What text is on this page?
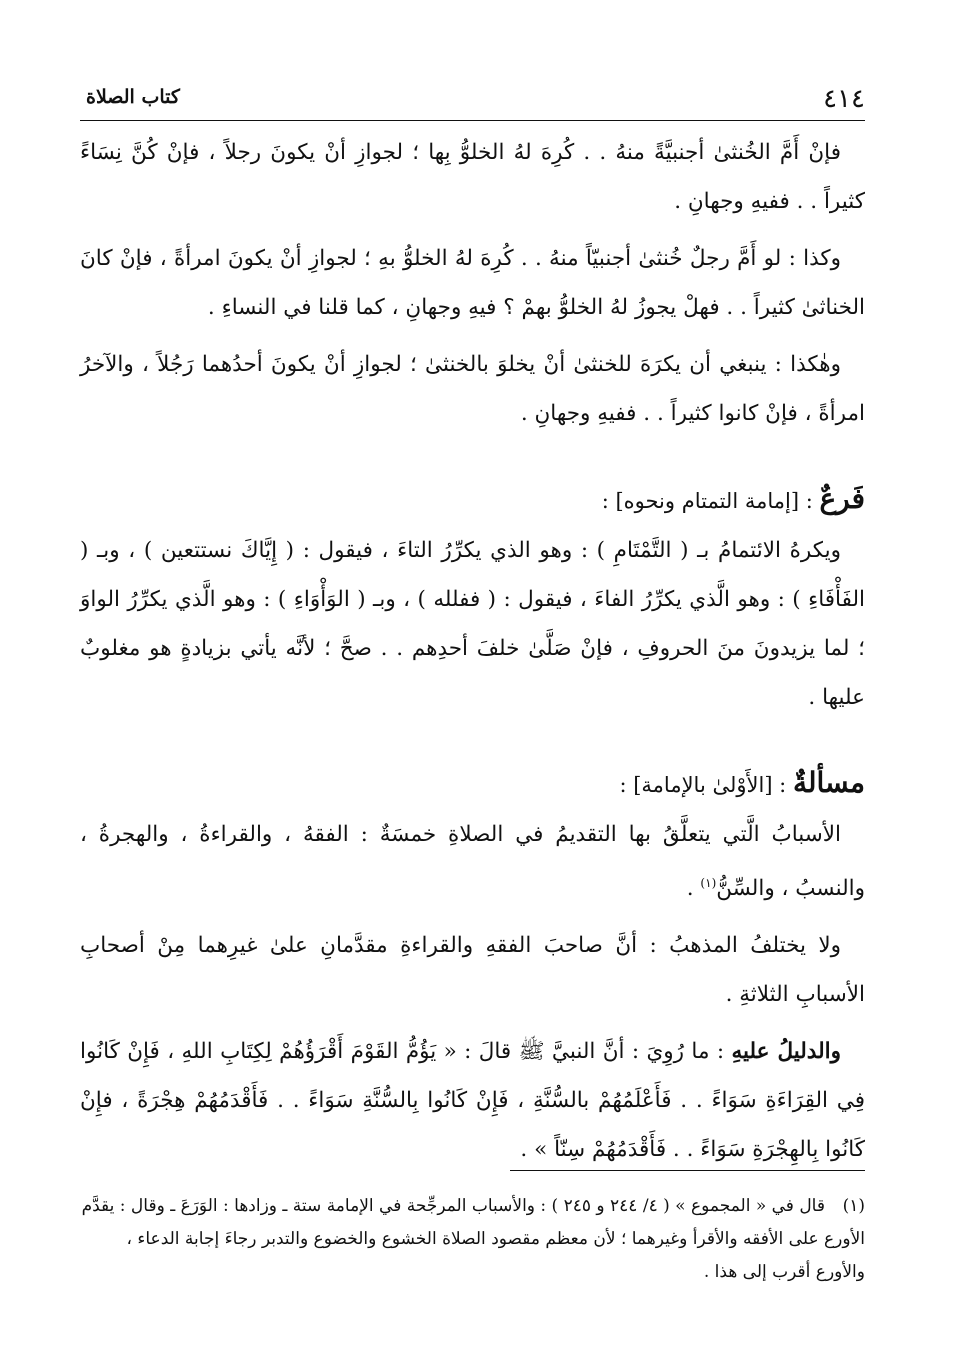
٤١٤
كتاب الصلاة

فإنْ أَمَّ الخُنثىٰ أجنبيَّةً منهُ . . كُرِهَ لهُ الخلوُّ بِها ؛ لجوازِ أنْ يكونَ رجلاً ، فإنْ كُنَّ نِسَاءً كثيراً . . ففيهِ وجهانِ .

وكذا : لو أَمَّ رجلٌ خُنثىٰ أجنبيّاً منهُ . . كُرِهَ لهُ الخلوُّ بهِ ؛ لجوازِ أنْ يكونَ امرأةً ، فإنْ كانَ الخناثىٰ كثيراً . . فهلْ يجوزُ لهُ الخلوُّ بهمْ ؟ فيهِ وجهانِ ، كما قلنا في النساءِ .

وهٰكذا : ينبغي أن يكرَهَ للخنثىٰ أنْ يخلوَ بالخنثىٰ ؛ لجوازِ أنْ يكونَ أحدُهما رَجُلاً ، والآخرُ امرأةً ، فإنْ كانوا كثيراً . . ففيهِ وجهانِ .

فَرعٌ : [إمامة التمتام ونحوه] :

ويكرهُ الائتمامُ بـ ( التَّمْتَامِ ) : وهو الذي يكرِّرُ التاءَ ، فيقول : ( إِيَّاكَ نستتعين ) ، وبـ ( الفَأْفَاءِ ) : وهو الَّذي يكرِّرُ الفاءَ ، فيقول : ( ففلله ) ، وبـ ( الوَأْوَاءِ ) : وهو الَّذي يكرِّرُ الواوَ ؛ لما يزيدونَ منَ الحروفِ ، فإنْ صَلَّىٰ خلفَ أحدِهم . . صحَّ ؛ لأنَّه يأتي بزيادةٍ هو مغلوبٌ عليها .

مسألةٌ : [الأَوْلىٰ بالإمامة] :

الأسبابُ الَّتي يتعلَّقُ بها التقديمُ في الصلاةِ خمسَةٌ : الفقهُ ، والقراءةُ ، والهجرةُ ، والنسبُ ، والسِّنُّ$^{(١)}$ .

ولا يختلفُ المذهبُ : أنَّ صاحبَ الفقهِ والقراءةِ مقدَّمانِ علىٰ غيرِهما مِنْ أصحابِ الأسبابِ الثلاثةِ .

والدليلُ عليهِ : ما رُوِيَ : أنَّ النبيَّ ﷺ قالَ : « يَؤُمُّ القَوْمَ أَقْرَؤُهُمْ لِكِتَابِ اللهِ ، فَإِنْ كَانُوا فِي القِرَاءَةِ سَوَاءً . . فَأَعْلَمُهُمْ بالسُّنَّةِ ، فَإِنْ كَانُوا بِالسُّنَّةِ سَوَاءً . . فَأَقْدَمُهُمْ هِجْرَةً ، فإِنْ كَانُوا بِالهِجْرَةِ سَوَاءً . . فَأَقْدَمُهُمْ سِنّاً » .

(١)قال في « المجموع » ( ٤/ ٢٤٤ و ٢٤٥ ) : والأسباب المرجِّحة في الإمامة ستة ـ وزادها : الوَرَعَ ـ وقال : يقدَّم الأورع على الأفقه والأقرأ وغيرهما ؛ لأن معظم مقصود الصلاة الخشوع والخضوع والتدبر رجاءَ إجابة الدعاء ، والأورع أقرب إلى هذا .
